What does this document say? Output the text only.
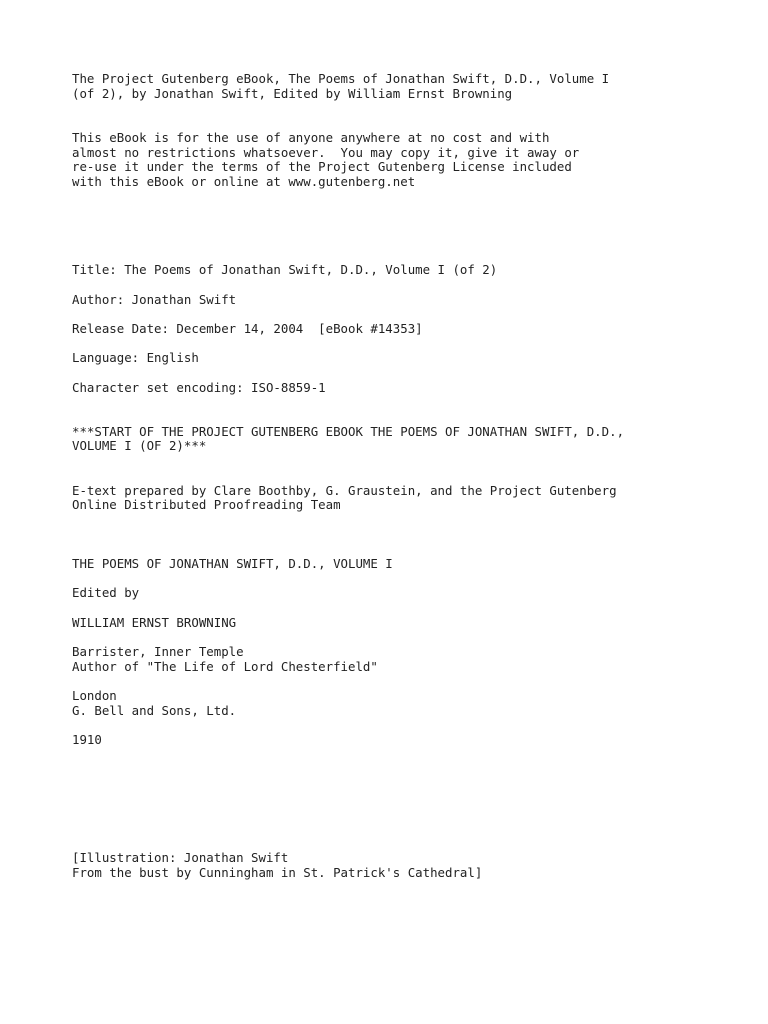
The Project Gutenberg eBook, The Poems of Jonathan Swift, D.D., Volume I
(of 2), by Jonathan Swift, Edited by William Ernst Browning
This eBook is for the use of anyone anywhere at no cost and with
almost no restrictions whatsoever.  You may copy it, give it away or
re-use it under the terms of the Project Gutenberg License included
with this eBook or online at www.gutenberg.net
Title: The Poems of Jonathan Swift, D.D., Volume I (of 2)
Author: Jonathan Swift
Release Date: December 14, 2004  [eBook #14353]
Language: English
Character set encoding: ISO-8859-1
***START OF THE PROJECT GUTENBERG EBOOK THE POEMS OF JONATHAN SWIFT, D.D.,
VOLUME I (OF 2)***
E-text prepared by Clare Boothby, G. Graustein, and the Project Gutenberg
Online Distributed Proofreading Team
THE POEMS OF JONATHAN SWIFT, D.D., VOLUME I
Edited by
WILLIAM ERNST BROWNING
Barrister, Inner Temple
Author of "The Life of Lord Chesterfield"
London
G. Bell and Sons, Ltd.
1910
[Illustration: Jonathan Swift
From the bust by Cunningham in St. Patrick's Cathedral]
